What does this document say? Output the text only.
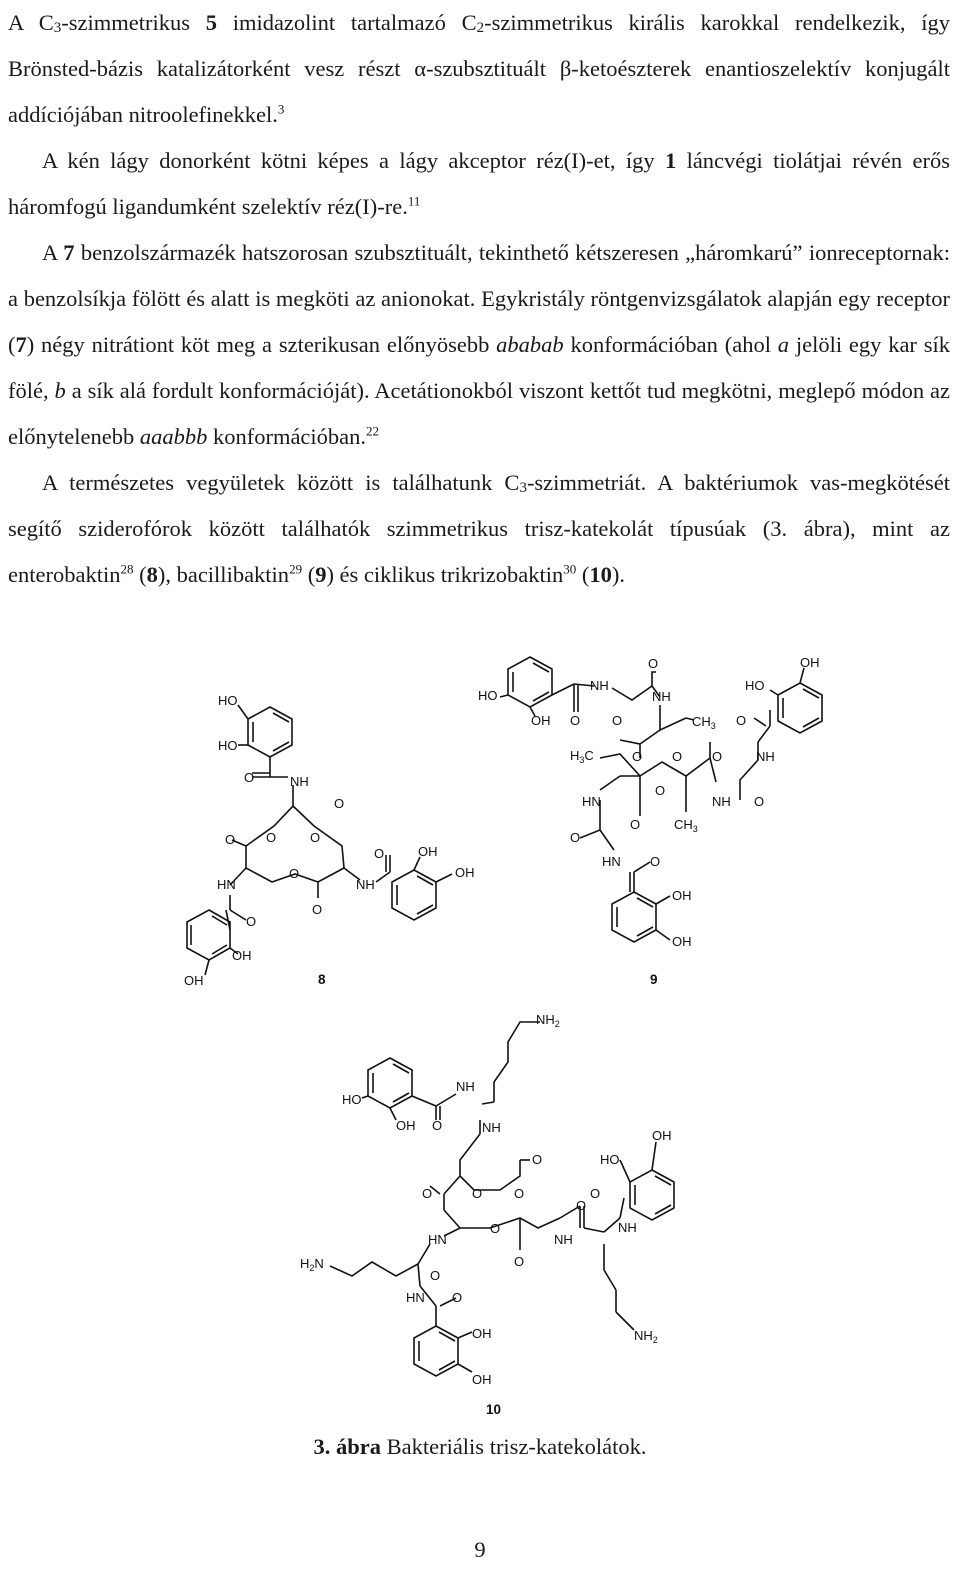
A $C_3$-szimmetrikus 5 imidazolint tartalmazó $C_2$-szimmetrikus királis karokkal rendelkezik, így Brönsted-bázis katalizátorként vesz részt α-szubsztituált β-ketoészterek enantioszelektív konjugált addíciójában nitroolefinekkel.$^3$

A kén lágy donorként kötni képes a lágy akceptor réz(I)-et, így 1 láncvégi tiolátjai révén erős háromfogú ligandumként szelektív réz(I)-re.$^{11}$

A 7 benzolszármazék hatszorosan szubsztituált, tekinthető kétszeresen „háromkarú” ionreceptornak: a benzolsíkja fölött és alatt is megköti az anionokat. Egykristály röntgenvizsgálatok alapján egy receptor (7) négy nitrátiont köt meg a szterikusan előnyösebb ababab konformációban (ahol a jelöli egy kar sík fölé, b a sík alá fordult konformációját). Acetátionokból viszont kettőt tud megkötni, meglepő módon az előnytelenebb aaabbb konformációban.$^{22}$

A természetes vegyületek között is találhatunk $C_3$-szimmetriát. A baktériumok vas-megkötését segítő sziderofórok között találhatók szimmetrikus trisz-katekolát típusúak (3. ábra), mint az enterobaktin$^{28}$ (8), bacillibaktin$^{29}$ (9) és ciklikus trikrizobaktin$^{30}$ (10).

HO
HO
O	NH
O
O O	O
O
O	OH
HN	NH
OH
O
O
OH
OH	8
OH
O
NH
NH
HO
HO
OH O O	$CH_3$ O
$H_3C$	O O O	NH
O
HN	NH O
O	$CH_3$
O
HN O
OH
OH
9
$NH_2$
NH
HO
OH O	NH
OH
O	HO
O	O O	O
O
O
NH
HN	NH
O
$H_2N$
O
HN O
OH	$NH_2$
OH
10
3. ábra Bakteriális trisz-katekolátok.
9
